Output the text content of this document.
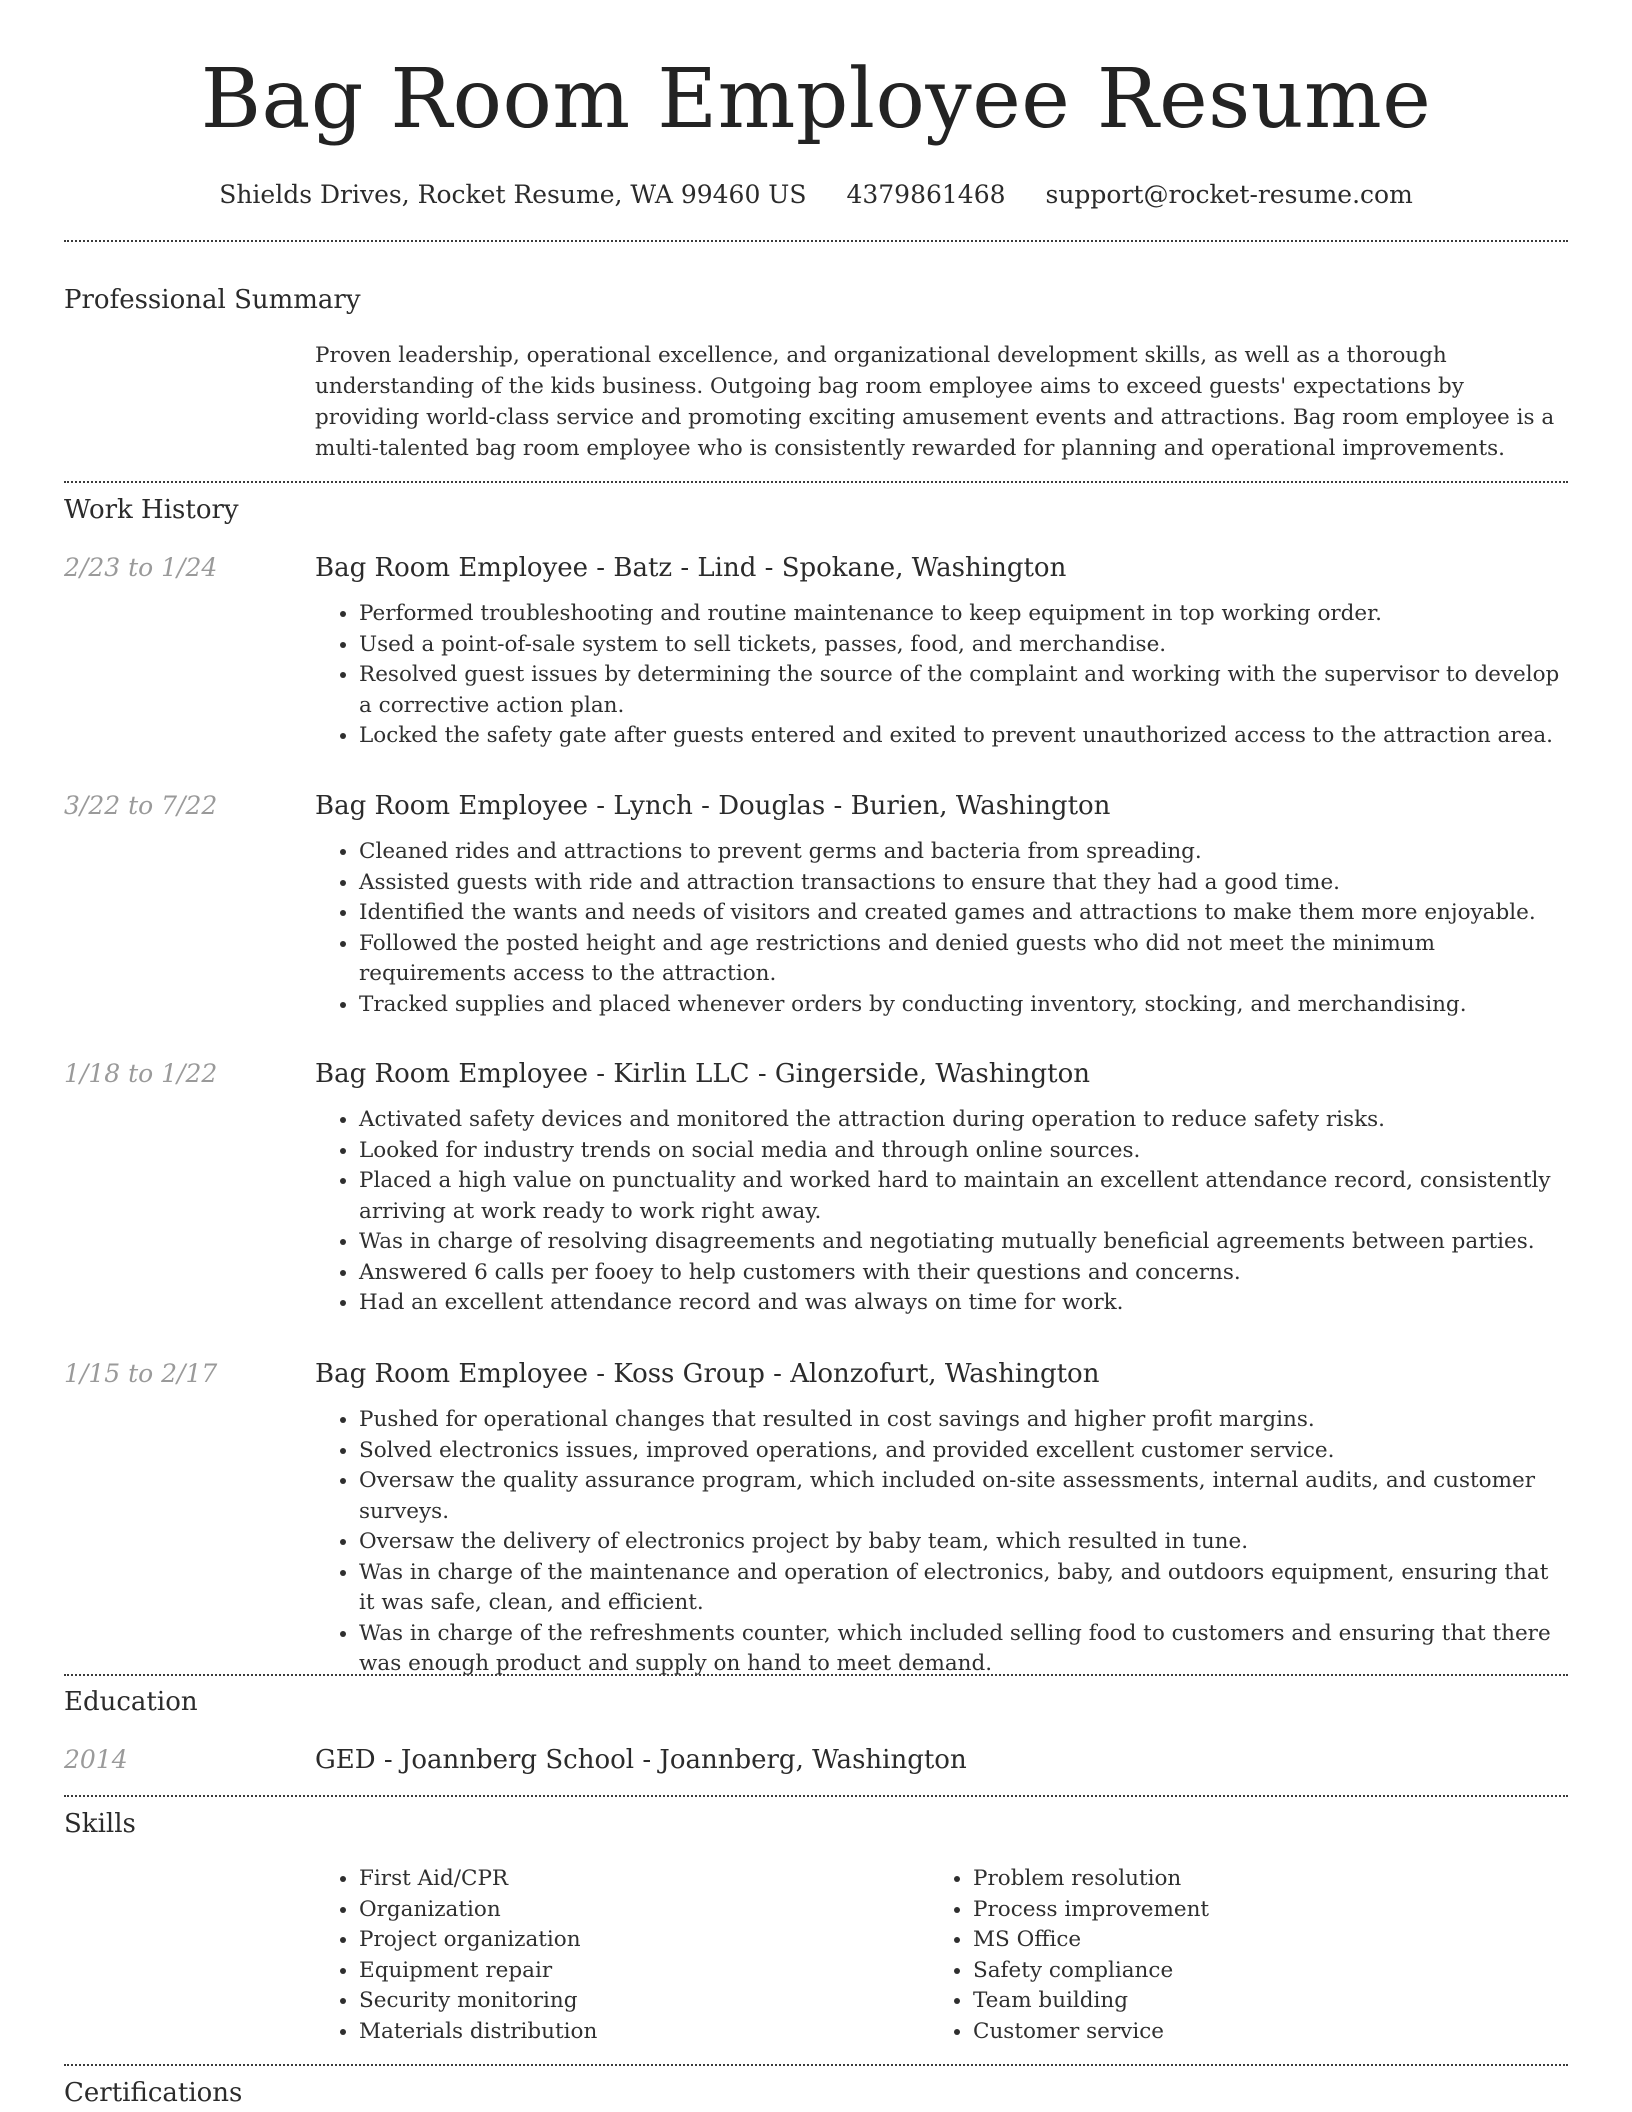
Bag Room Employee Resume
Shields Drives, Rocket Resume, WA 99460 US 4379861468 support@rocket-resume.com
Professional Summary

Proven leadership, operational excellence, and organizational development skills, as well as a thorough understanding of the kids business. Outgoing bag room employee aims to exceed guests' expectations by providing world-class service and promoting exciting amusement events and attractions. Bag room employee is a multi-talented bag room employee who is consistently rewarded for planning and operational improvements.

Work History
2/23 to 1/24	Bag Room Employee - Batz - Lind - Spokane, Washington
• Performed troubleshooting and routine maintenance to keep equipment in top working order.
• Used a point-of-sale system to sell tickets, passes, food, and merchandise.
• Resolved guest issues by determining the source of the complaint and working with the supervisor to develop a corrective action plan.
• Locked the safety gate after guests entered and exited to prevent unauthorized access to the attraction area.
3/22 to 7/22	Bag Room Employee - Lynch - Douglas - Burien, Washington
• Cleaned rides and attractions to prevent germs and bacteria from spreading.
• Assisted guests with ride and attraction transactions to ensure that they had a good time.
• Identified the wants and needs of visitors and created games and attractions to make them more enjoyable.
• Followed the posted height and age restrictions and denied guests who did not meet the minimum requirements access to the attraction.
• Tracked supplies and placed whenever orders by conducting inventory, stocking, and merchandising.
1/18 to 1/22	Bag Room Employee - Kirlin LLC - Gingerside, Washington
• Activated safety devices and monitored the attraction during operation to reduce safety risks.
• Looked for industry trends on social media and through online sources.
• Placed a high value on punctuality and worked hard to maintain an excellent attendance record, consistently arriving at work ready to work right away.
• Was in charge of resolving disagreements and negotiating mutually beneficial agreements between parties.
• Answered 6 calls per fooey to help customers with their questions and concerns.
• Had an excellent attendance record and was always on time for work.
1/15 to 2/17	Bag Room Employee - Koss Group - Alonzofurt, Washington
• Pushed for operational changes that resulted in cost savings and higher profit margins.
• Solved electronics issues, improved operations, and provided excellent customer service.
• Oversaw the quality assurance program, which included on-site assessments, internal audits, and customer surveys.
• Oversaw the delivery of electronics project by baby team, which resulted in tune.
• Was in charge of the maintenance and operation of electronics, baby, and outdoors equipment, ensuring that it was safe, clean, and efficient.
• Was in charge of the refreshments counter, which included selling food to customers and ensuring that there was enough product and supply on hand to meet demand.
Education
2014	GED - Joannberg School - Joannberg, Washington
Skills
• First Aid/CPR
• Organization
• Project organization
• Equipment repair
• Security monitoring
• Materials distribution
• Problem resolution
• Process improvement
• MS Office
• Safety compliance
• Team building
• Customer service
Certifications
